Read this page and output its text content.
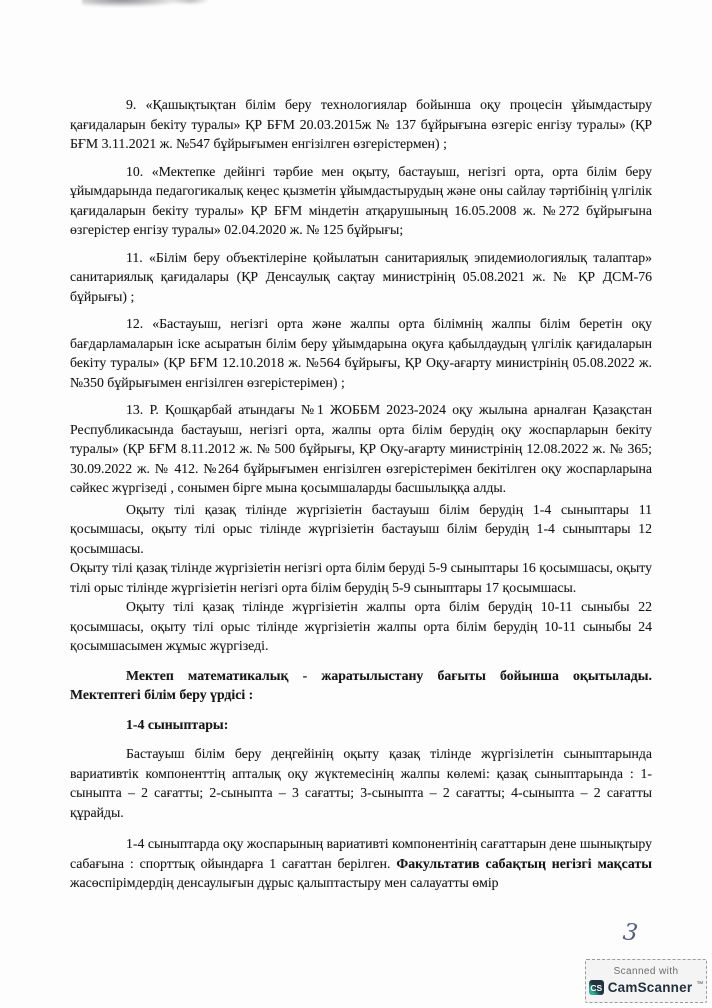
9. «Қашықтықтан білім беру технологиялар бойынша оқу процесін ұйымдастыру қағидаларын бекіту туралы» ҚР БҒМ 20.03.2015ж № 137 бұйрығына өзгеріс енгізу туралы» (ҚР БҒМ 3.11.2021 ж. №547 бұйрығымен енгізілген өзгерістермен) ;

10. «Мектепке дейінгі тәрбие мен оқыту, бастауыш, негізгі орта, орта білім беру ұйымдарында педагогикалық кеңес қызметін ұйымдастырудың және оны сайлау тәртібінің үлгілік қағидаларын бекіту туралы» ҚР БҒМ міндетін атқарушының 16.05.2008 ж. №272 бұйрығына өзгерістер енгізу туралы» 02.04.2020 ж. № 125 бұйрығы;

11. «Білім беру объектілеріне қойылатын санитариялық эпидемиологиялық талаптар» санитариялық қағидалары (ҚР Денсаулық сақтау министрінің 05.08.2021 ж. № ҚР ДСМ-76 бұйрығы) ;

12. «Бастауыш, негізгі орта және жалпы орта білімнің жалпы білім беретін оқу бағдарламаларын іске асыратын білім беру ұйымдарына оқуға қабылдаудың үлгілік қағидаларын бекіту туралы» (ҚР БҒМ 12.10.2018 ж. №564 бұйрығы, ҚР Оқу-ағарту министрінің 05.08.2022 ж. №350 бұйрығымен енгізілген өзгерістерімен) ;

13. Р. Қошқарбай атындағы №1 ЖОББМ 2023-2024 оқу жылына арналған Қазақстан Республикасында бастауыш, негізгі орта, жалпы орта білім берудің оқу жоспарларын бекіту туралы» (ҚР БҒМ 8.11.2012 ж. № 500 бұйрығы, ҚР Оқу-ағарту министрінің 12.08.2022 ж. № 365; 30.09.2022 ж. № 412. №264 бұйрығымен енгізілген өзгерістерімен бекітілген оқу жоспарларына сәйкес жүргізеді , сонымен бірге мына қосымшаларды басшылыққа алды.

Оқыту тілі қазақ тілінде жүргізіетін бастауыш білім берудің 1-4 сыныптары 11 қосымшасы, оқыту тілі орыс тілінде жүргізіетін бастауыш білім берудің 1-4 сыныптары 12 қосымшасы.

Оқыту тілі қазақ тілінде жүргізіетін негізгі орта білім беруді 5-9 сыныптары 16 қосымшасы, оқыту тілі орыс тілінде жүргізіетін негізгі орта білім берудің 5-9 сыныптары 17 қосымшасы.

Оқыту тілі қазақ тілінде жүргізіетін жалпы орта білім берудің 10-11 сыныбы 22 қосымшасы, оқыту тілі орыс тілінде жүргізіетін жалпы орта білім берудің 10-11 сыныбы 24 қосымшасымен жұмыс жүргізеді.

Мектеп математикалық - жаратылыстану бағыты бойынша оқытылады. Мектептегі білім беру үрдісі :

1-4 сыныптары:

Бастауыш білім беру деңгейінің оқыту қазақ тілінде жүргізілетін сыныптарында вариативтік компоненттің апталық оқу жүктемесінің жалпы көлемі: қазақ сыныптарында : 1-сыныпта – 2 сағатты; 2-сыныпта – 3 сағатты; 3-сыныпта – 2 сағатты; 4-сыныпта – 2 сағатты құрайды.

1-4 сыныптарда оқу жоспарының вариативті компонентінің сағаттарын дене шынықтыру сабағына : спорттық ойындарға 1 сағаттан берілген. Факультатив сабақтың негізгі мақсаты жасөспірімдердің денсаулығын дұрыс қалыптастыру мен салауатты өмір

3
Scanned with
CS CamScanner ™
